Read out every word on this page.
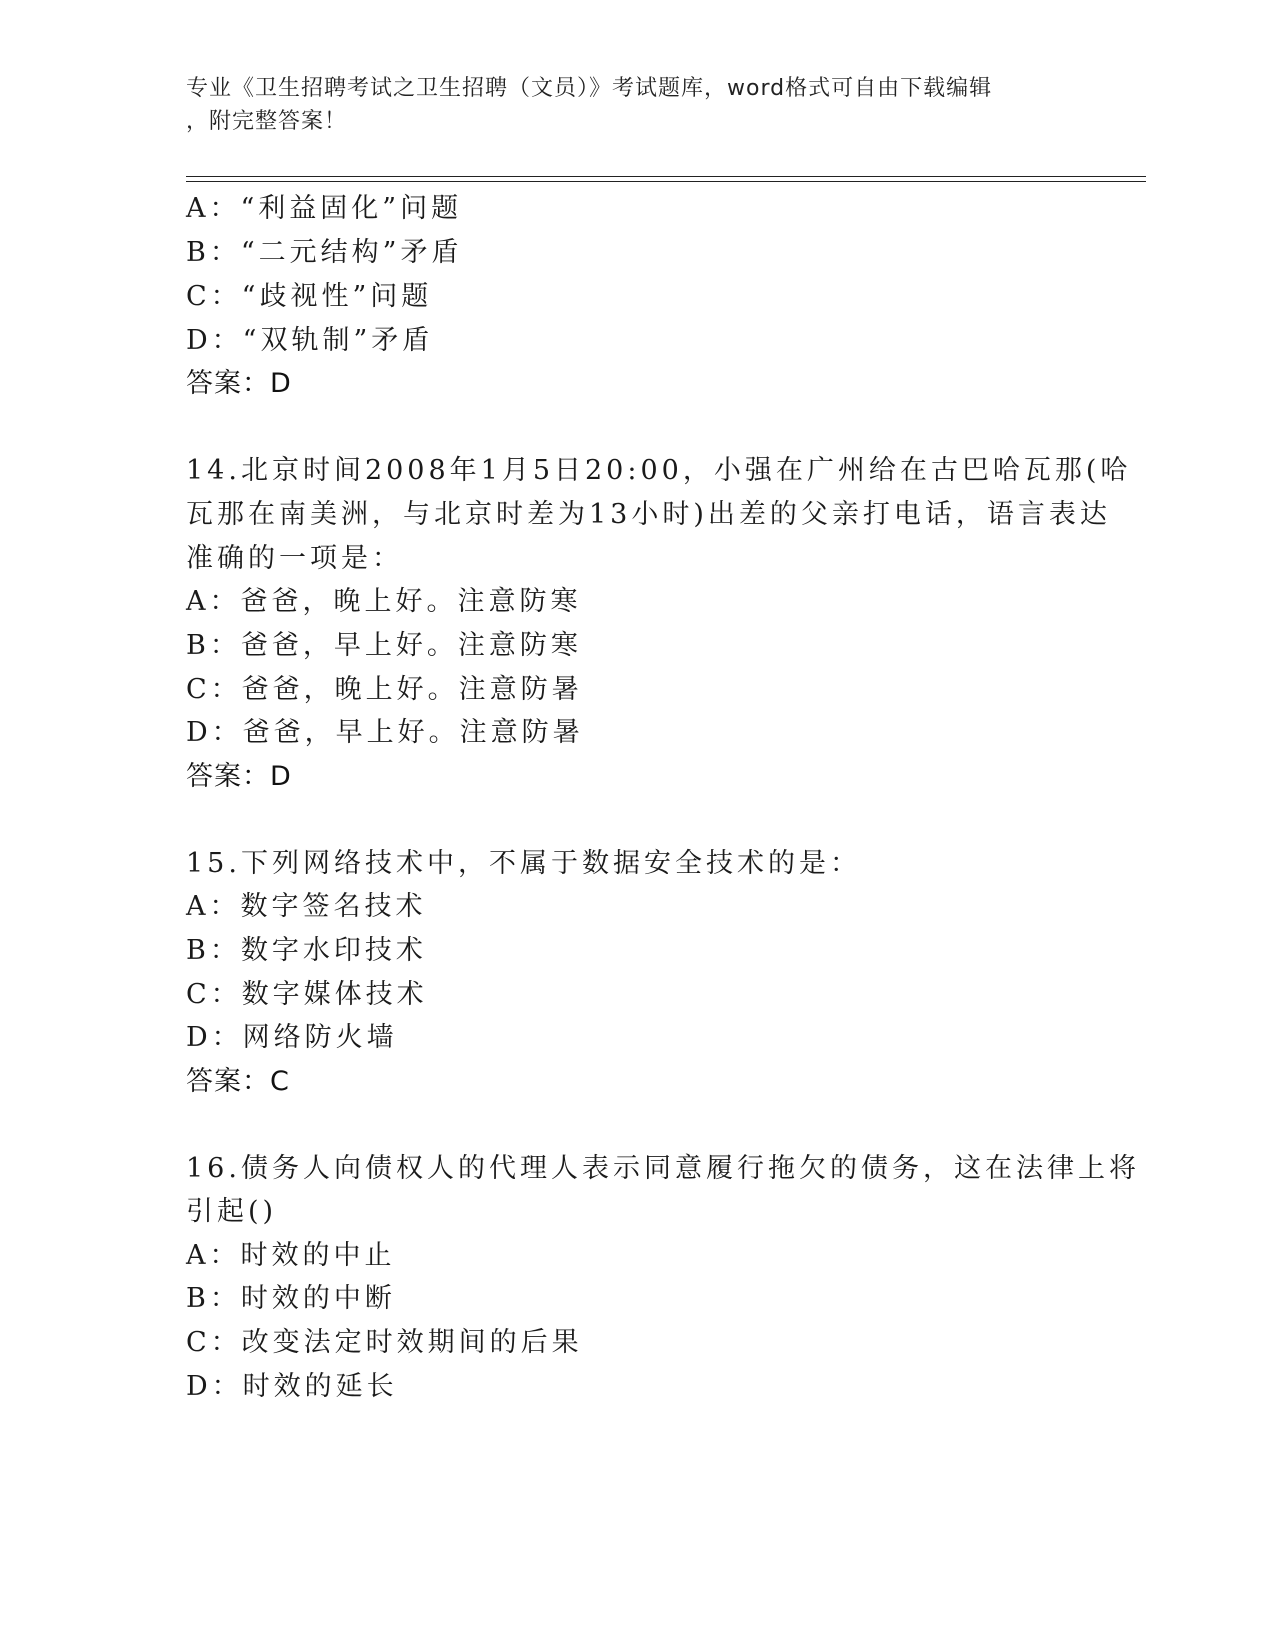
专业《卫生招聘考试之卫生招聘（文员）》考试题库，word格式可自由下载编辑
，附完整答案！
A：“利益固化”问题
B：“二元结构”矛盾
C：“歧视性”问题
D：“双轨制”矛盾
答案：D
14.北京时间2008年1月5日20:00，小强在广州给在古巴哈瓦那(哈
瓦那在南美洲，与北京时差为13小时)出差的父亲打电话，语言表达
准确的一项是：
A：爸爸，晚上好。注意防寒
B：爸爸，早上好。注意防寒
C：爸爸，晚上好。注意防暑
D：爸爸，早上好。注意防暑
答案：D
15.下列网络技术中，不属于数据安全技术的是：
A：数字签名技术
B：数字水印技术
C：数字媒体技术
D：网络防火墙
答案：C
16.债务人向债权人的代理人表示同意履行拖欠的债务，这在法律上将
引起()
A：时效的中止
B：时效的中断
C：改变法定时效期间的后果
D：时效的延长
